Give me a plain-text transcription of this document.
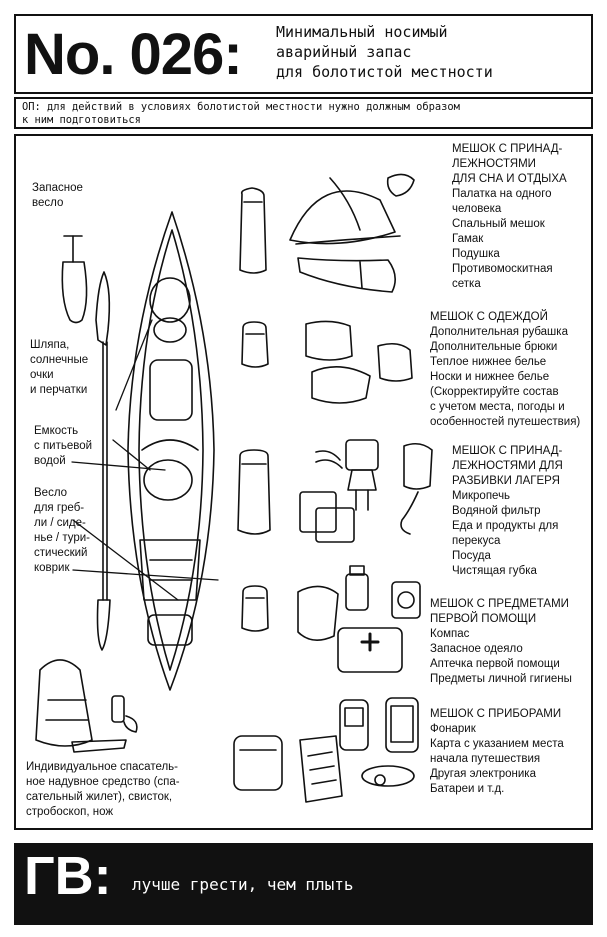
No. 026:	Минимальный носимый
аварийный запас
для болотистой местности
ОП: для действий в условиях болотистой местности нужно должным образом
к ним подготовиться
Запасное
весло
Шляпа,
солнечные
очки
и перчатки
Емкость
с питьевой
водой
Весло
для греб-
ли / сиде-
нье / тури-
стический
коврик
Индивидуальное спасатель-
ное надувное средство (спа-
сательный жилет), свисток,
стробоскоп, нож
МЕШОК С ПРИНАД-
ЛЕЖНОСТЯМИ
ДЛЯ СНА И ОТДЫХА
Палатка на одного
человека
Спальный мешок
Гамак
Подушка
Противомоскитная
сетка
МЕШОК С ОДЕЖДОЙ
Дополнительная рубашка
Дополнительные брюки
Теплое нижнее белье
Носки и нижнее белье
(Скорректируйте состав
с учетом места, погоды и
особенностей путешествия)
МЕШОК С ПРИНАД-
ЛЕЖНОСТЯМИ ДЛЯ
РАЗБИВКИ ЛАГЕРЯ
Микропечь
Водяной фильтр
Еда и продукты для
перекуса
Посуда
Чистящая губка
МЕШОК С ПРЕДМЕТАМИ
ПЕРВОЙ ПОМОЩИ
Компас
Запасное одеяло
Аптечка первой помощи
Предметы личной гигиены
МЕШОК С ПРИБОРАМИ
Фонарик
Карта с указанием места
начала путешествия
Другая электроника
Батареи и т.д.
ГВ: лучше грести, чем плыть
